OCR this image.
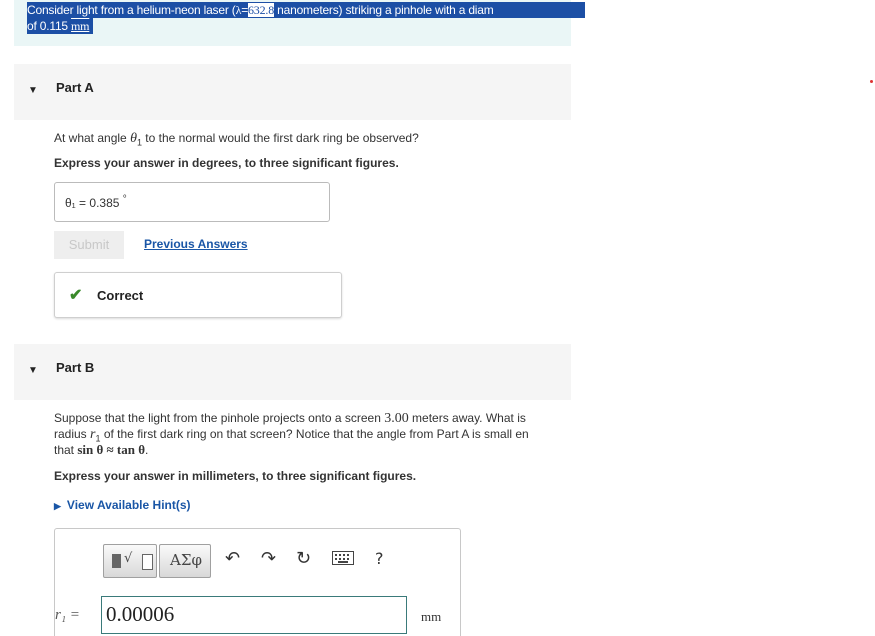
Consider light from a helium-neon laser (λ=632.8 nanometers) striking a pinhole with a diam
of 0.115 mm
▼ Part A
At what angle $\theta_1$ to the normal would the first dark ring be observed?
Express your answer in degrees, to three significant figures.
θ₁ = 0.385 °
Submit	Previous Answers
✔ Correct
▼ Part B
Suppose that the light from the pinhole projects onto a screen 3.00 meters away. What is
radius $r_1$ of the first dark ring on that screen? Notice that the angle from Part A is small en
that sin θ ≈ tan θ.
Express your answer in millimeters, to three significant figures.
▶ View Available Hint(s)
√	ΑΣφ ↶ ↷ ↻	?
r₁ = 0.00006	mm
